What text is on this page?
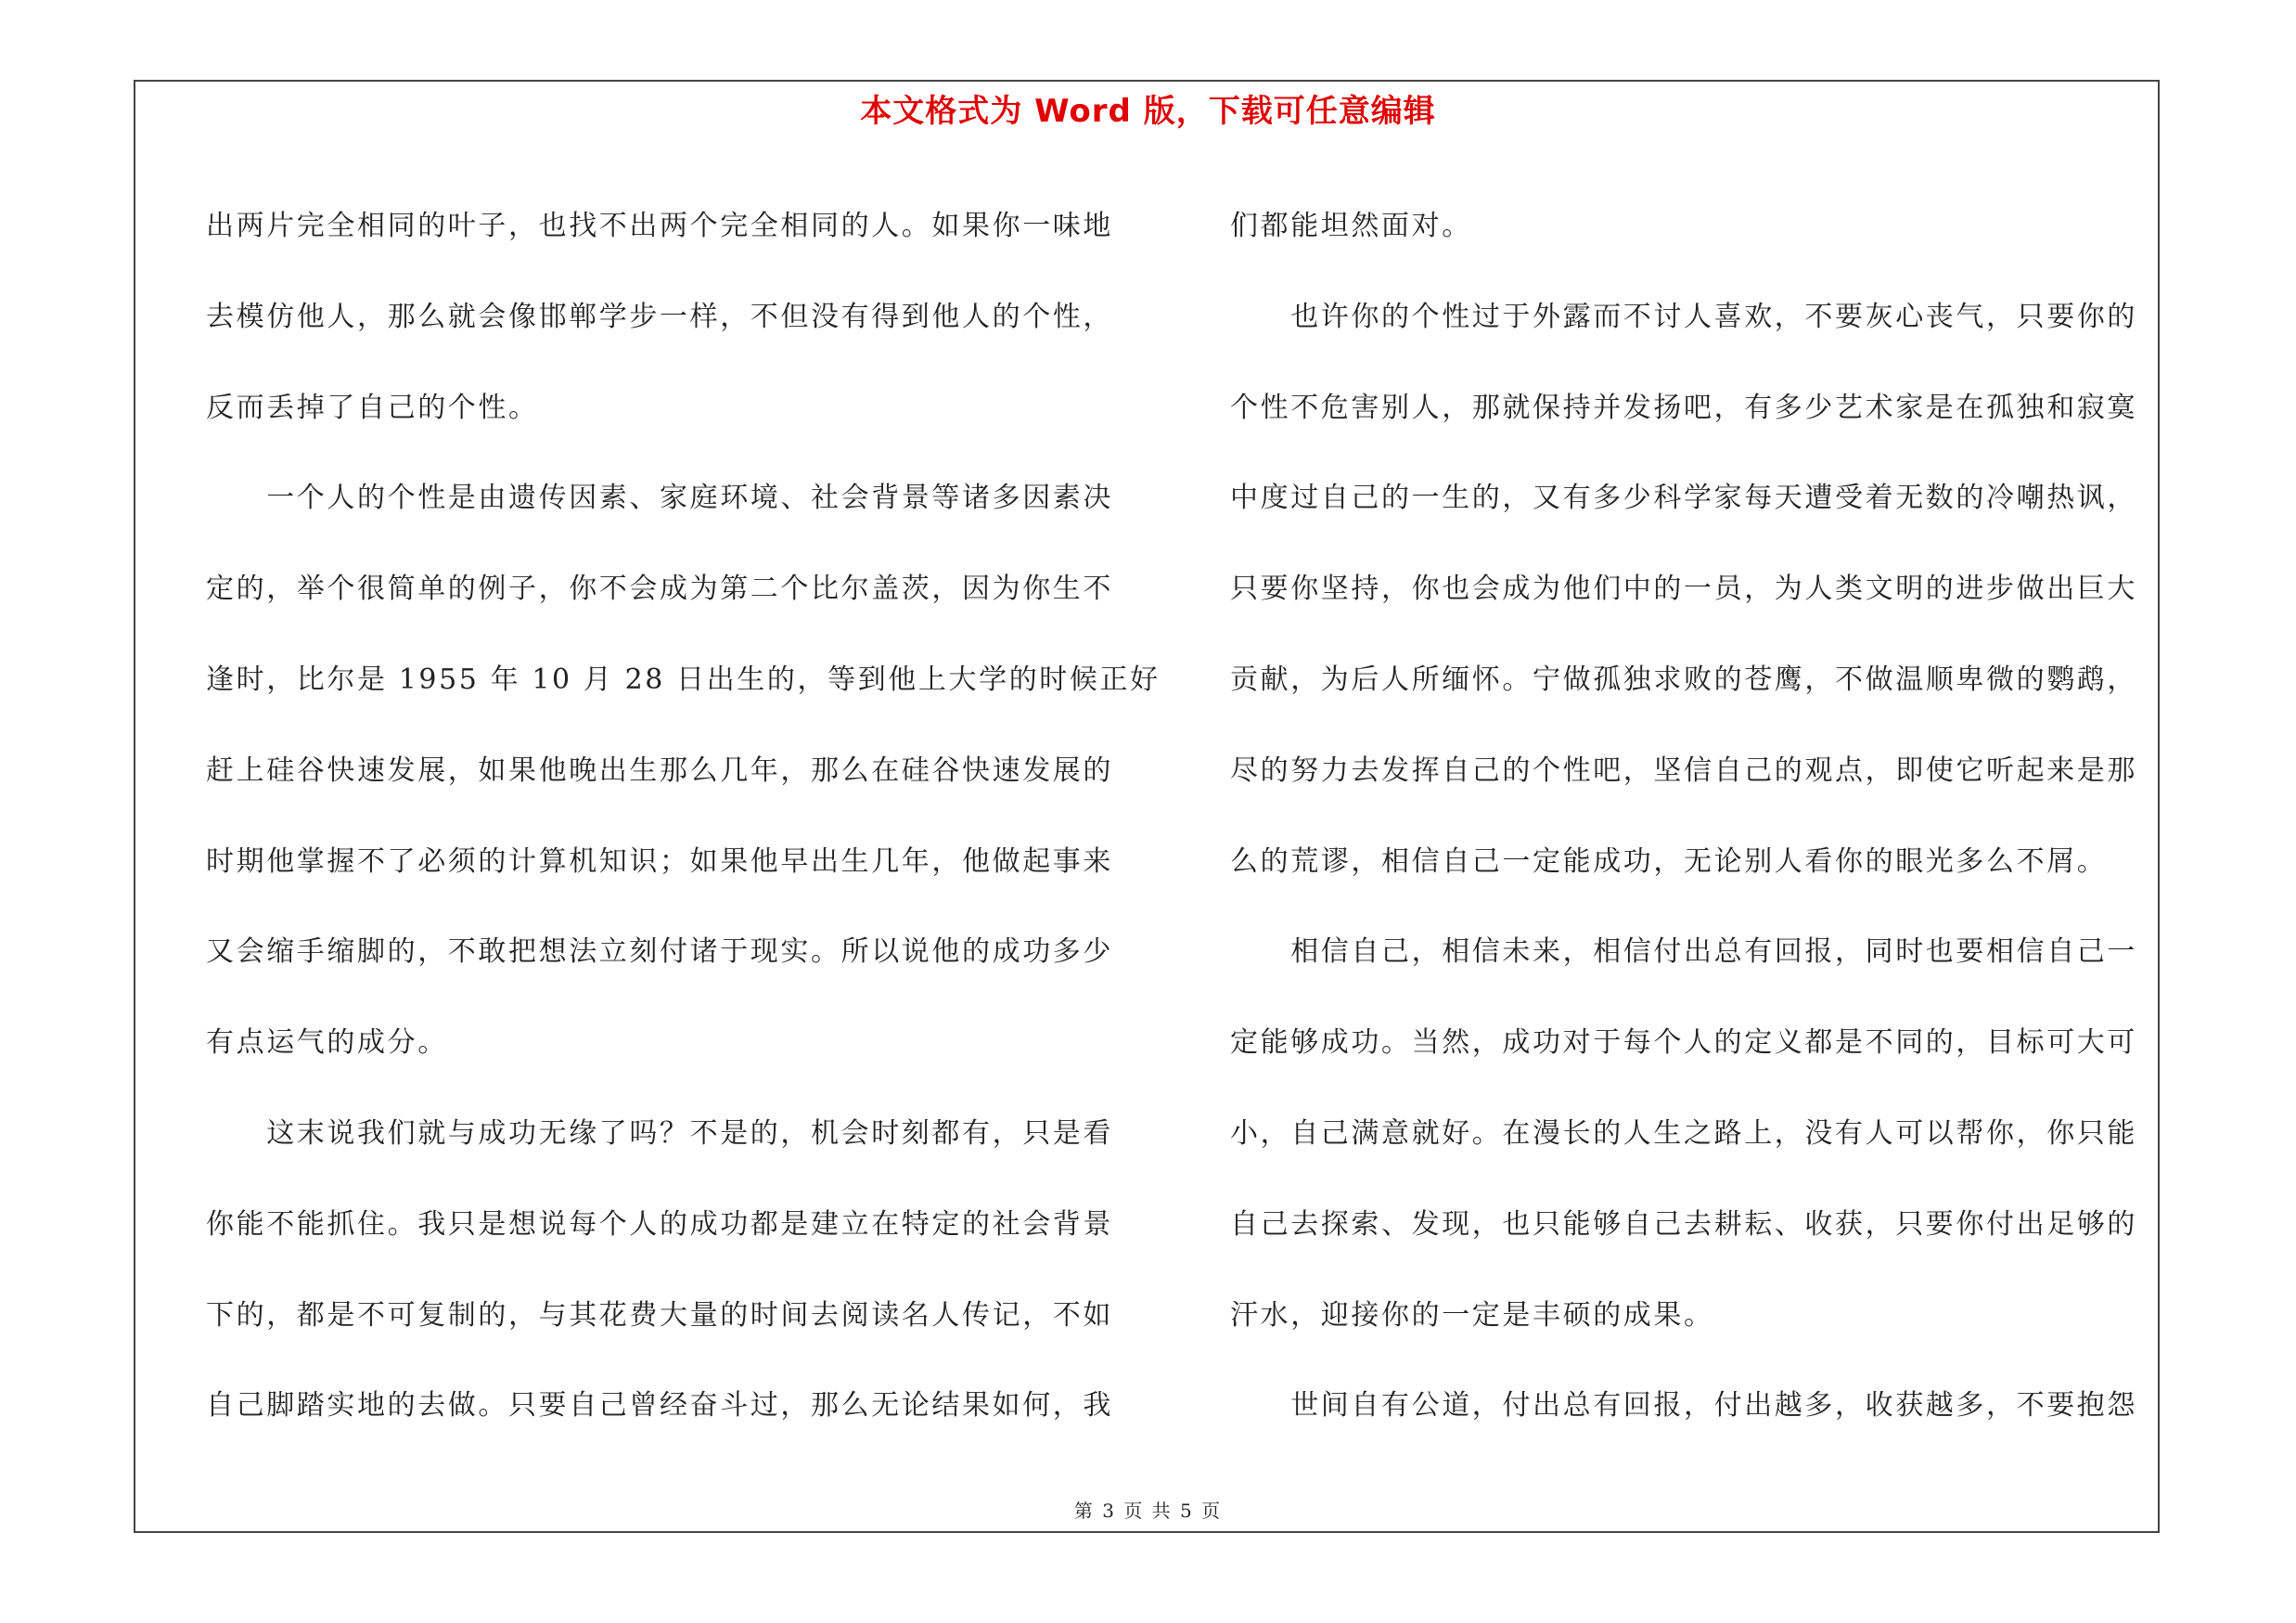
本文格式为 Word 版，下载可任意编辑
出两片完全相同的叶子，也找不出两个完全相同的人。如果你一味地
去模仿他人，那么就会像邯郸学步一样，不但没有得到他人的个性，
反而丢掉了自己的个性。
　　一个人的个性是由遗传因素、家庭环境、社会背景等诸多因素决
定的，举个很简单的例子，你不会成为第二个比尔盖茨，因为你生不
逢时，比尔是 1955 年 10 月 28 日出生的，等到他上大学的时候正好
赶上硅谷快速发展，如果他晚出生那么几年，那么在硅谷快速发展的
时期他掌握不了必须的计算机知识；如果他早出生几年，他做起事来
又会缩手缩脚的，不敢把想法立刻付诸于现实。所以说他的成功多少
有点运气的成分。
　　这末说我们就与成功无缘了吗？不是的，机会时刻都有，只是看
你能不能抓住。我只是想说每个人的成功都是建立在特定的社会背景
下的，都是不可复制的，与其花费大量的时间去阅读名人传记，不如
自己脚踏实地的去做。只要自己曾经奋斗过，那么无论结果如何，我
们都能坦然面对。
　　也许你的个性过于外露而不讨人喜欢，不要灰心丧气，只要你的
个性不危害别人，那就保持并发扬吧，有多少艺术家是在孤独和寂寞
中度过自己的一生的，又有多少科学家每天遭受着无数的冷嘲热讽，
只要你坚持，你也会成为他们中的一员，为人类文明的进步做出巨大
贡献，为后人所缅怀。宁做孤独求败的苍鹰，不做温顺卑微的鹦鹉，
尽的努力去发挥自己的个性吧，坚信自己的观点，即使它听起来是那
么的荒谬，相信自己一定能成功，无论别人看你的眼光多么不屑。
　　相信自己，相信未来，相信付出总有回报，同时也要相信自己一
定能够成功。当然，成功对于每个人的定义都是不同的，目标可大可
小，自己满意就好。在漫长的人生之路上，没有人可以帮你，你只能
自己去探索、发现，也只能够自己去耕耘、收获，只要你付出足够的
汗水，迎接你的一定是丰硕的成果。
　　世间自有公道，付出总有回报，付出越多，收获越多，不要抱怨
第 3 页 共 5 页
